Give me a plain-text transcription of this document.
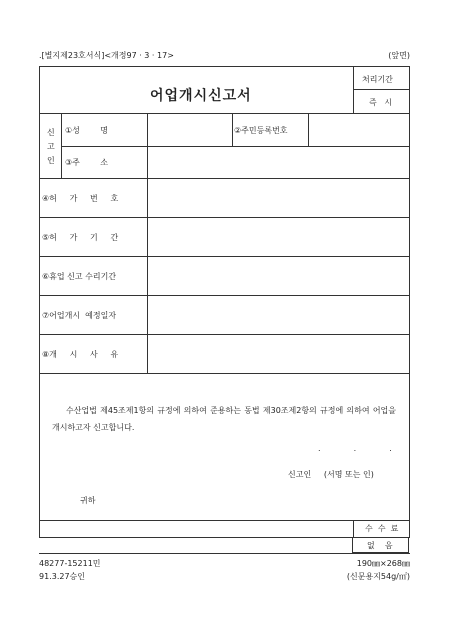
.[별지제23호서식]<개정97 · 3 · 17>	(앞면)
어업개시신고서
처리기간
즉   시
신
고
인
①성        명	②주민등록번호
③주        소
④허     가     번     호
⑤허     가     기     간
⑥휴업 신고 수리기간
⑦어업개시  예정일자
⑧개     시     사     유
수산업법 제45조제1항의 규정에 의하여 준용하는 동법 제30조제2항의 규정에 의하여 어업을 개시하고자 신고합니다.
.             .             .
신고인     (서명 또는 인)
귀하
수  수  료
없    음
48277-15211민
91.3.27승인
190㎜×268㎜
(신문용지54g/㎡)
